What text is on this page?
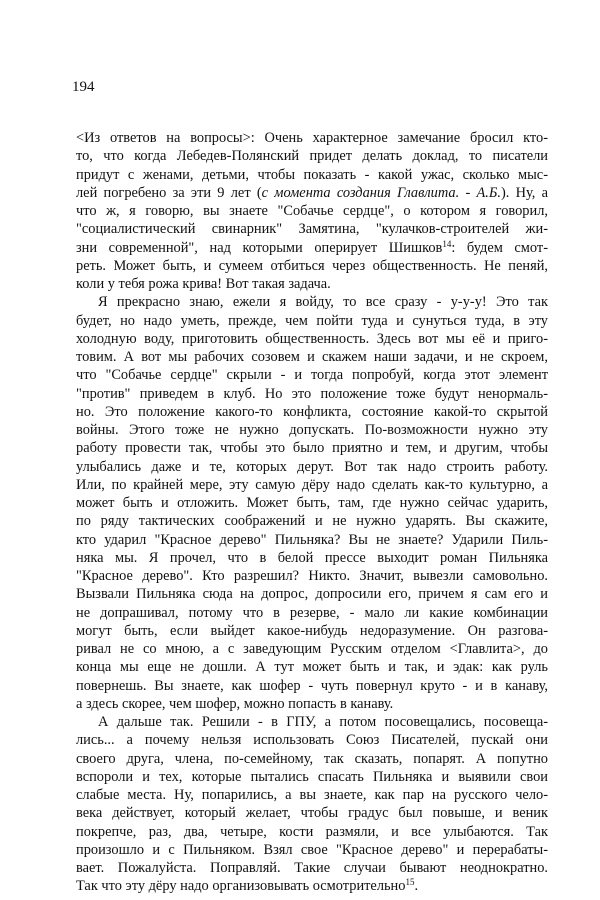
194
<Из ответов на вопросы>: Очень характерное замечание бросил кто-
то, что когда Лебедев-Полянский придет делать доклад, то писатели
придут с женами, детьми, чтобы показать - какой ужас, сколько мыс-
лей погребено за эти 9 лет (с момента создания Главлита. - А.Б.). Ну, а
что ж, я говорю, вы знаете "Собачье сердце", о котором я говорил,
"социалистический свинарник" Замятина, "кулачков-строителей жи-
зни современной", над которыми оперирует Шишков$^{14}$: будем смот-
реть. Может быть, и сумеем отбиться через общественность. Не пеняй,
коли у тебя рожа крива! Вот такая задача.
Я прекрасно знаю, ежели я войду, то все сразу - у-у-у! Это так
будет, но надо уметь, прежде, чем пойти туда и сунуться туда, в эту
холодную воду, приготовить общественность. Здесь вот мы её и приго-
товим. А вот мы рабочих созовем и скажем наши задачи, и не скроем,
что "Собачье сердце" скрыли - и тогда попробуй, когда этот элемент
"против" приведем в клуб. Но это положение тоже будут ненормаль-
но. Это положение какого-то конфликта, состояние какой-то скрытой
войны. Этого тоже не нужно допускать. По-возможности нужно эту
работу провести так, чтобы это было приятно и тем, и другим, чтобы
улыбались даже и те, которых дерут. Вот так надо строить работу.
Или, по крайней мере, эту самую дёру надо сделать как-то культурно, а
может быть и отложить. Может быть, там, где нужно сейчас ударить,
по ряду тактических соображений и не нужно ударять. Вы скажите,
кто ударил "Красное дерево" Пильняка? Вы не знаете? Ударили Пиль-
няка мы. Я прочел, что в белой прессе выходит роман Пильняка
"Красное дерево". Кто разрешил? Никто. Значит, вывезли самовольно.
Вызвали Пильняка сюда на допрос, допросили его, причем я сам его и
не допрашивал, потому что в резерве, - мало ли какие комбинации
могут быть, если выйдет какое-нибудь недоразумение. Он разгова-
ривал не со мною, а с заведующим Русским отделом <Главлита>, до
конца мы еще не дошли. А тут может быть и так, и эдак: как руль
повернешь. Вы знаете, как шофер - чуть повернул круто - и в канаву,
а здесь скорее, чем шофер, можно попасть в канаву.
А дальше так. Решили - в ГПУ, а потом посовещались, посовеща-
лись... а почему нельзя использовать Союз Писателей, пускай они
своего друга, члена, по-семейному, так сказать, попарят. А попутно
вспороли и тех, которые пытались спасать Пильняка и выявили свои
слабые места. Ну, попарились, а вы знаете, как пар на русского чело-
века действует, который желает, чтобы градус был повыше, и веник
покрепче, раз, два, четыре, кости размяли, и все улыбаются. Так
произошло и с Пильняком. Взял свое "Красное дерево" и перерабаты-
вает. Пожалуйста. Поправляй. Такие случаи бывают неоднократно.
Так что эту дёру надо организовывать осмотрительно$^{15}$.
